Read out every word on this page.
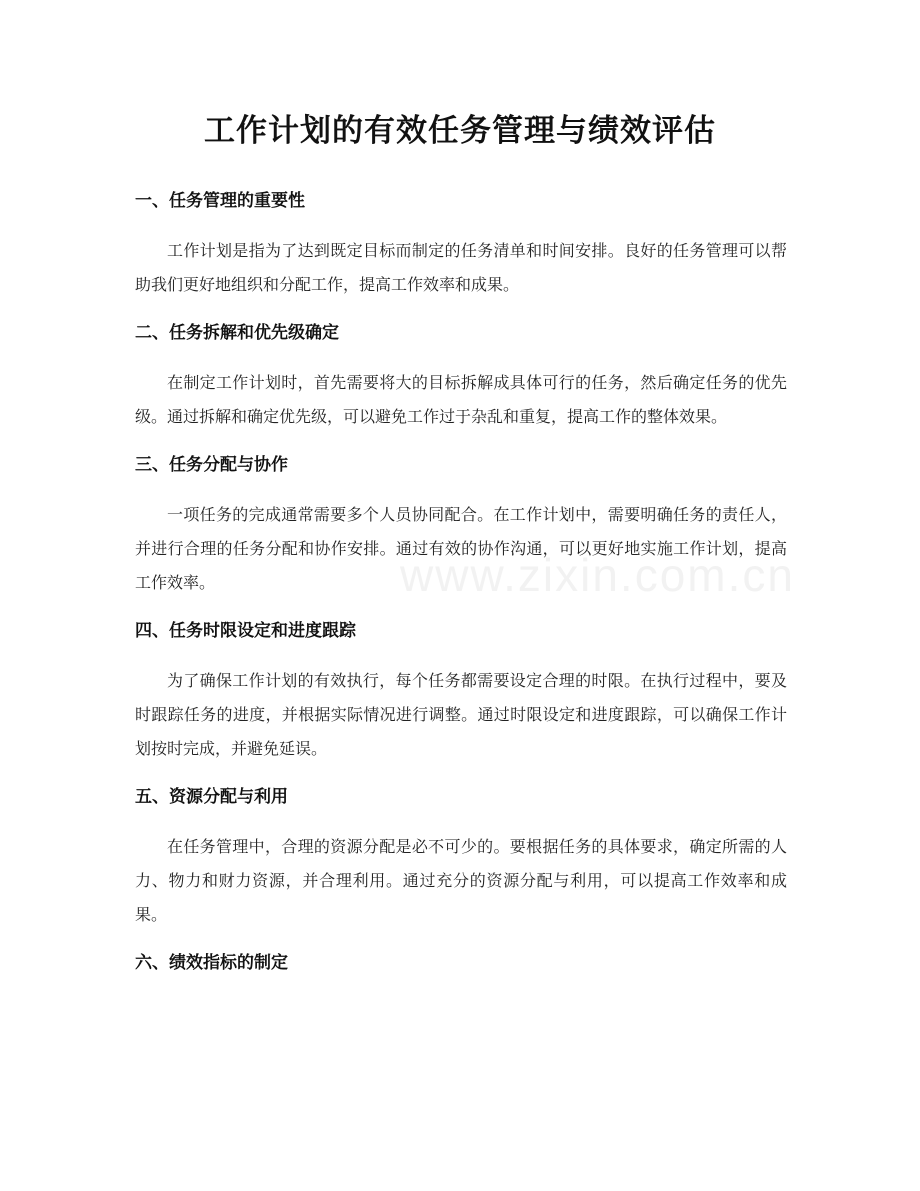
工作计划的有效任务管理与绩效评估
www.zixin.com.cn
一、任务管理的重要性

工作计划是指为了达到既定目标而制定的任务清单和时间安排。良好的任务管理可以帮助我们更好地组织和分配工作，提高工作效率和成果。

二、任务拆解和优先级确定

在制定工作计划时，首先需要将大的目标拆解成具体可行的任务，然后确定任务的优先级。通过拆解和确定优先级，可以避免工作过于杂乱和重复，提高工作的整体效果。

三、任务分配与协作

一项任务的完成通常需要多个人员协同配合。在工作计划中，需要明确任务的责任人，并进行合理的任务分配和协作安排。通过有效的协作沟通，可以更好地实施工作计划，提高工作效率。

四、任务时限设定和进度跟踪

为了确保工作计划的有效执行，每个任务都需要设定合理的时限。在执行过程中，要及时跟踪任务的进度，并根据实际情况进行调整。通过时限设定和进度跟踪，可以确保工作计划按时完成，并避免延误。

五、资源分配与利用

在任务管理中，合理的资源分配是必不可少的。要根据任务的具体要求，确定所需的人力、物力和财力资源，并合理利用。通过充分的资源分配与利用，可以提高工作效率和成果。

六、绩效指标的制定
